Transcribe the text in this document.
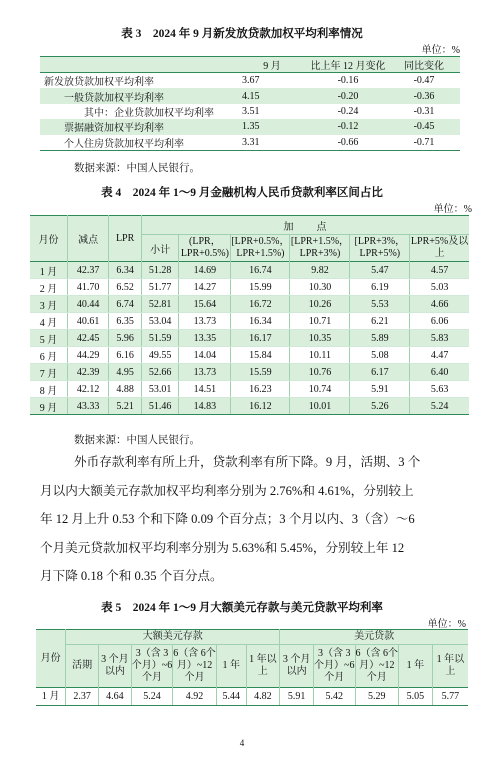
表 3　2024 年 9 月新发放贷款加权平均利率情况
单位：%
	9 月	比上年 12 月变化	同比变化
新发放贷款加权平均利率	3.67	-0.16	-0.47
一般贷款加权平均利率	4.15	-0.20	-0.36
其中：企业贷款加权平均利率	3.51	-0.24	-0.31
票据融资加权平均利率	1.35	-0.12	-0.45
个人住房贷款加权平均利率	3.31	-0.66	-0.71
数据来源：中国人民银行。
表 4　2024 年 1～9 月金融机构人民币贷款利率区间占比
单位：%
月份	减点	LPR	加　　点					
			小计	(LPR，LPR+0.5%)	[LPR+0.5%，LPR+1.5%)	[LPR+1.5%，LPR+3%)	[LPR+3%，LPR+5%)	LPR+5%及以上
1 月	42.37	6.34	51.28	14.69	16.74	9.82	5.47	4.57
2 月	41.70	6.52	51.77	14.27	15.99	10.30	6.19	5.03
3 月	40.44	6.74	52.81	15.64	16.72	10.26	5.53	4.66
4 月	40.61	6.35	53.04	13.73	16.34	10.71	6.21	6.06
5 月	42.45	5.96	51.59	13.35	16.17	10.35	5.89	5.83
6 月	44.29	6.16	49.55	14.04	15.84	10.11	5.08	4.47
7 月	42.39	4.95	52.66	13.73	15.59	10.76	6.17	6.40
8 月	42.12	4.88	53.01	14.51	16.23	10.74	5.91	5.63
9 月	43.33	5.21	51.46	14.83	16.12	10.01	5.26	5.24
数据来源：中国人民银行。
外币存款利率有所上升，贷款利率有所下降。9 月，活期、3 个
月以内大额美元存款加权平均利率分别为 2.76%和 4.61%，分别较上
年 12 月上升 0.53 个和下降 0.09 个百分点；3 个月以内、3（含）～6
个月美元贷款加权平均利率分别为 5.63%和 5.45%，分别较上年 12
月下降 0.18 个和 0.35 个百分点。
表 5　2024 年 1～9 月大额美元存款与美元贷款平均利率
单位：%
月份	大额美元存款						美元贷款				
	活期	3 个月以内	3（含 3个月）~6个月	6（含 6个月）~12 个月	1 年	1 年以上	3 个月以内	3（含 3个月）~6个月	6（含 6个月）~12 个月	1 年	1 年以上
1 月	2.37	4.64	5.24	4.92	5.44	4.82	5.91	5.42	5.29	5.05	5.77
4
